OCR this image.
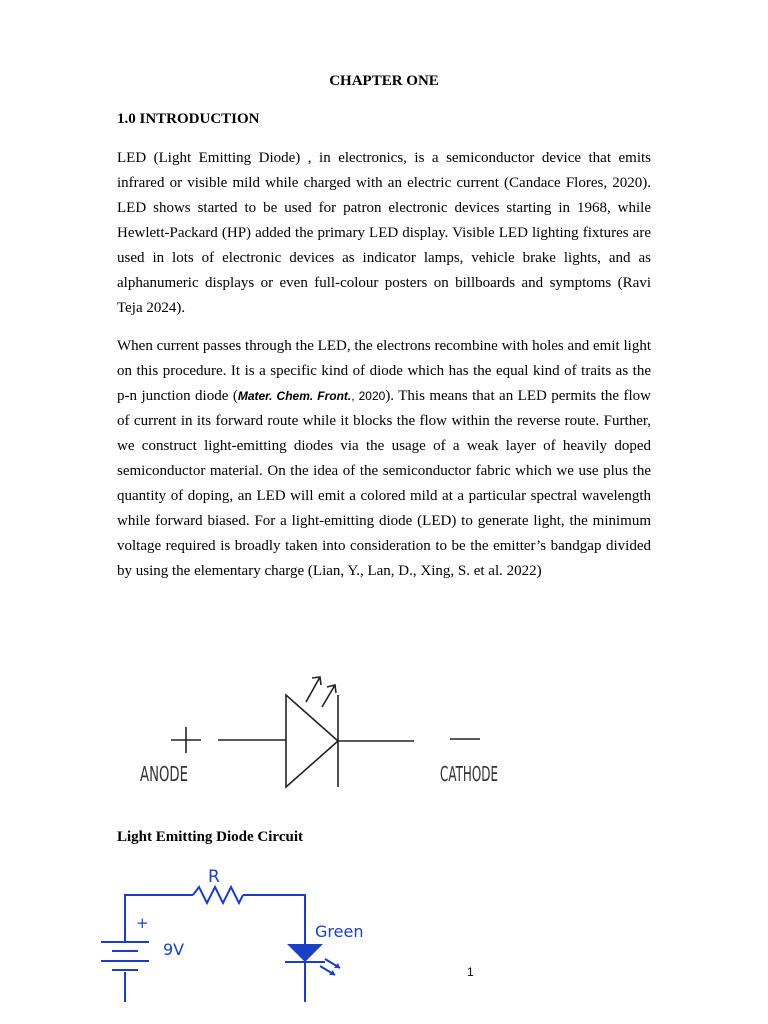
CHAPTER ONE
1.0 INTRODUCTION

LED (Light Emitting Diode) , in electronics, is a semiconductor device that emits infrared or visible mild while charged with an electric current (Candace Flores, 2020). LED shows started to be used for patron electronic devices starting in 1968, while Hewlett-Packard (HP) added the primary LED display. Visible LED lighting fixtures are used in lots of electronic devices as indicator lamps, vehicle brake lights, and as alphanumeric displays or even full-colour posters on billboards and symptoms (Ravi Teja 2024).

When current passes through the LED, the electrons recombine with holes and emit light on this procedure. It is a specific kind of diode which has the equal kind of traits as the p-n junction diode (Mater. Chem. Front., 2020). This means that an LED permits the flow of current in its forward route while it blocks the flow within the reverse route. Further, we construct light-emitting diodes via the usage of a weak layer of heavily doped semiconductor material. On the idea of the semiconductor fabric which we use plus the quantity of doping, an LED will emit a colored mild at a particular spectral wavelength while forward biased. For a light-emitting diode (LED) to generate light, the minimum voltage required is broadly taken into consideration to be the emitter’s bandgap divided by using the elementary charge (Lian, Y., Lan, D., Xing, S. et al. 2022)

ANODE	CATHODE
Light Emitting Diode Circuit
R
+
9V
Green
1
